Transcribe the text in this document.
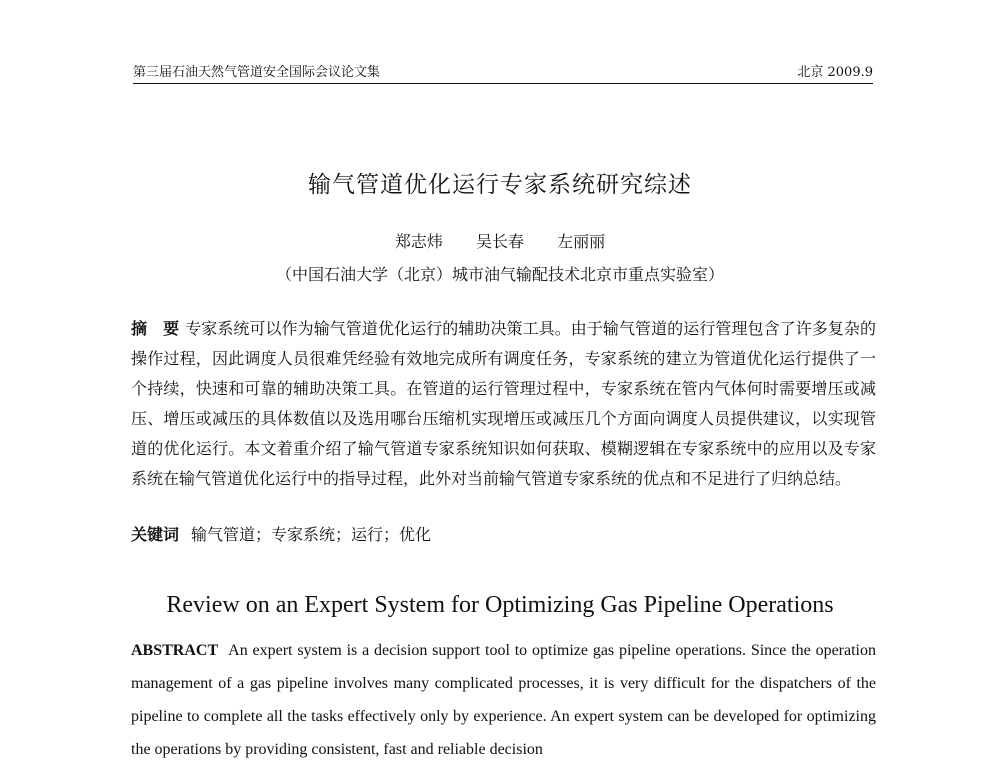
第三届石油天然气管道安全国际会议论文集	北京 2009.9
输气管道优化运行专家系统研究综述
郑志炜 吴长春 左丽丽
（中国石油大学（北京）城市油气输配技术北京市重点实验室）

摘　要 专家系统可以作为输气管道优化运行的辅助决策工具。由于输气管道的运行管理包含了许多复杂的操作过程，因此调度人员很难凭经验有效地完成所有调度任务，专家系统的建立为管道优化运行提供了一个持续，快速和可靠的辅助决策工具。在管道的运行管理过程中，专家系统在管内气体何时需要增压或减压、增压或减压的具体数值以及选用哪台压缩机实现增压或减压几个方面向调度人员提供建议，以实现管道的优化运行。本文着重介绍了输气管道专家系统知识如何获取、模糊逻辑在专家系统中的应用以及专家系统在输气管道优化运行中的指导过程，此外对当前输气管道专家系统的优点和不足进行了归纳总结。

关键词 输气管道；专家系统；运行；优化
Review on an Expert System for Optimizing Gas Pipeline Operations

ABSTRACT An expert system is a decision support tool to optimize gas pipeline operations. Since the operation management of a gas pipeline involves many complicated processes, it is very difficult for the dispatchers of the pipeline to complete all the tasks effectively only by experience. An expert system can be developed for optimizing the operations by providing consistent, fast and reliable decision
